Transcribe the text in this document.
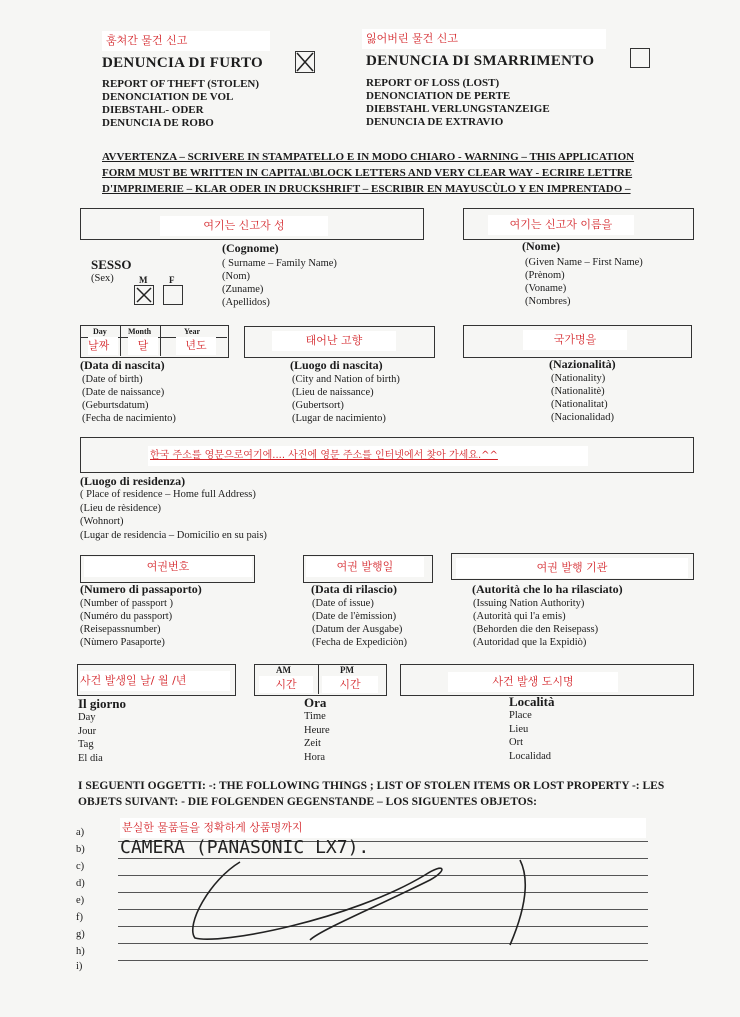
훔쳐간 물건 신고	잃어버린 물건 신고
DENUNCIA DI FURTO
REPORT OF THEFT (STOLEN)
DENONCIATION DE VOL
DIEBSTAHL- ODER
DENUNCIA DE ROBO
DENUNCIA DI SMARRIMENTO
REPORT OF LOSS (LOST)
DENONCIATION DE PERTE
DIEBSTAHL VERLUNGSTANZEIGE
DENUNCIA DE EXTRAVIO
AVVERTENZA – SCRIVERE IN STAMPATELLO E IN MODO CHIARO - WARNING – THIS APPLICATION
FORM MUST BE WRITTEN IN CAPITAL\BLOCK LETTERS AND VERY CLEAR WAY - ECRIRE LETTRE
D'IMPRIMERIE – KLAR ODER IN DRUCKSHRIFT – ESCRIBIR EN MAYUSCÙLO Y EN IMPRENTADO –
여기는 신고자 성	여기는 신고자 이름을
SESSO
(Sex)	M F
(Cognome)
( Surname – Family Name)
(Nom)
(Zuname)
(Apellidos)
(Nome)
(Given Name – First Name)
(Prènom)
(Voname)
(Nombres)
Day	Month	Year
날짜	달	년도	태어난 고향	국가명을
(Data di nascita)
(Date of birth)
(Date de naissance)
(Geburtsdatum)
(Fecha de nacimiento)
(Luogo di nascita)
(City and Nation of birth)
(Lieu de naissance)
(Gubertsort)
(Lugar de nacimiento)
(Nazionalità)
(Nationality)
(Nationalitè)
(Nationalitat)
(Nacionalidad)
한국 주소를 영문으로여기에.... 사진에 영문 주소를 인터넷에서 찾아 가세요.^^
(Luogo di residenza)
( Place of residence – Home full Address)
(Lieu de rèsidence)
(Wohnort)
(Lugar de residencia – Domicilio en su pais)
여권번호	여권 발행일	여권 발행 기관
(Numero di passaporto)
(Number of passport )
(Numéro du passport)
(Reisepassnumber)
(Nùmero Pasaporte)
(Data di rilascio)
(Date of issue)
(Date de l'èmission)
(Datum der Ausgabe)
(Fecha de Expediciòn)
(Autorità che lo ha rilasciato)
(Issuing Nation Authority)
(Autorità qui l'a emis)
(Behorden die den Reisepass)
(Autoridad que la Expidiò)
사건 발생일 날/ 월 /년
AM	PM
시간	시간	사건 발생 도시명
Il giorno
Day
Jour
Tag
El dia
Ora
Time
Heure
Zeit
Hora
Località
Place
Lieu
Ort
Localidad
I SEGUENTI OGGETTI: -: THE FOLLOWING THINGS ; LIST OF STOLEN ITEMS OR LOST PROPERTY -: LES
OBJETS SUIVANT: - DIE FOLGENDEN GEGENSTANDE – LOS SIGUENTES OBJETOS:
분실한 물품들을 정확하게 상품명까지
a)
b) CAMERA (PANASONIC LX7).
c)
d)
e)
f)
g)
h)
i)
